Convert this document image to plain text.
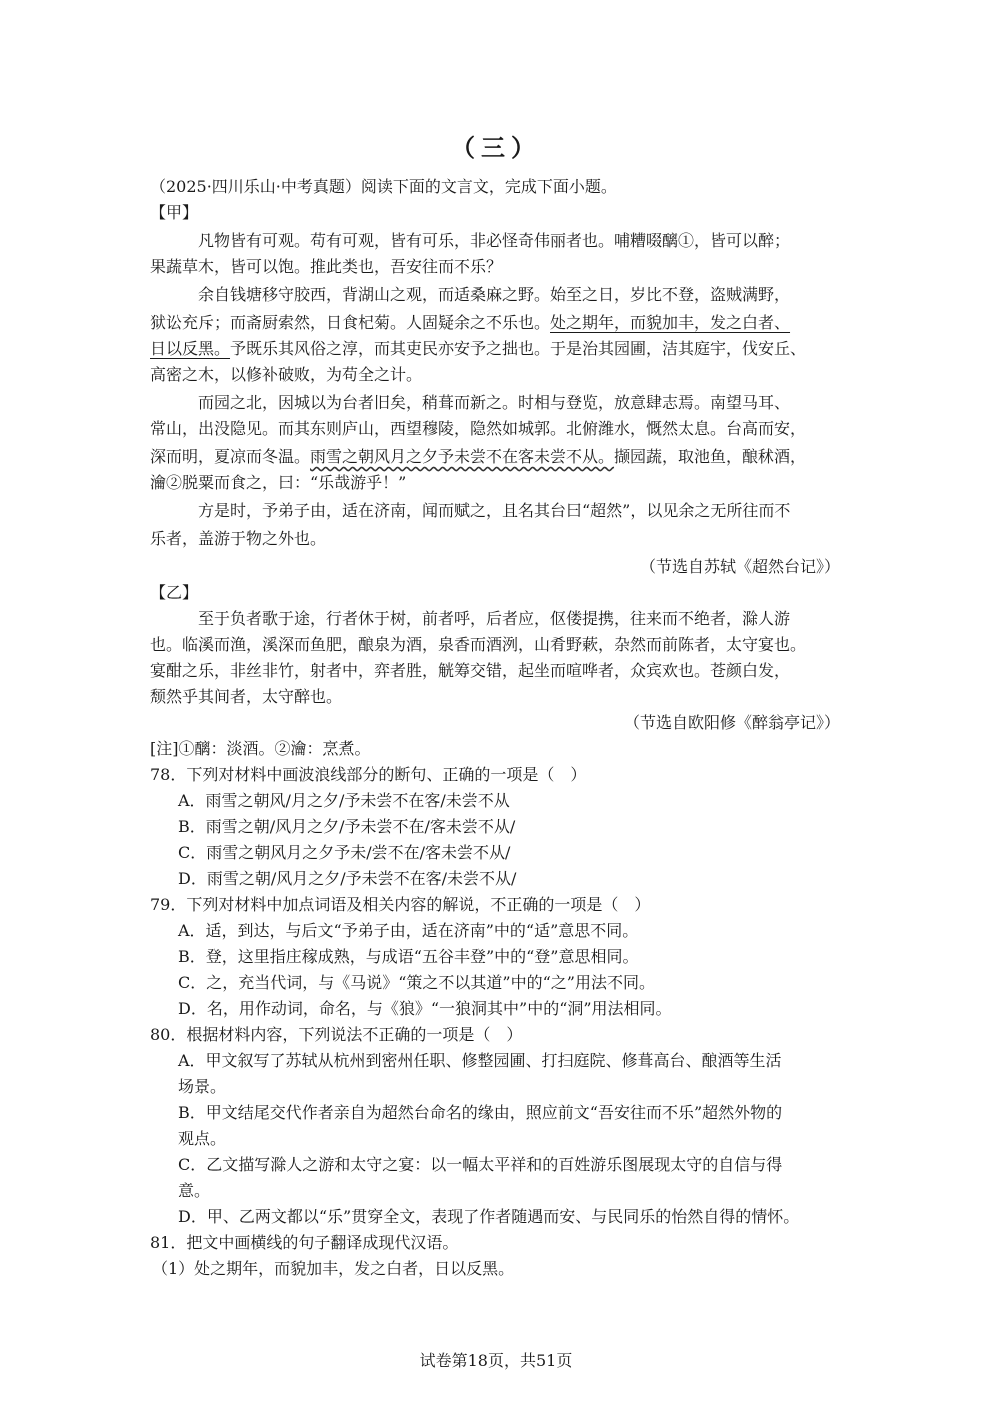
（三）
（2025·四川乐山·中考真题）阅读下面的文言文，完成下面小题。
【甲】
凡物皆有可观。苟有可观，皆有可乐，非必怪奇伟丽者也。哺糟啜醨①，皆可以醉；
果蔬草木，皆可以饱。推此类也，吾安往而不乐？
余自钱塘移守胶西，背湖山之观，而适桑麻之野。始至之日，岁比不登，盗贼满野，
狱讼充斥；而斋厨索然，日食杞菊。人固疑余之不乐也。处之期年，而貌加丰，发之白者、
日以反黑。予既乐其风俗之淳，而其吏民亦安予之拙也。于是治其园圃，洁其庭宇，伐安丘、
高密之木，以修补破败，为苟全之计。
而园之北，因城以为台者旧矣，稍葺而新之。时相与登览，放意肆志焉。南望马耳、
常山，出没隐见。而其东则庐山，西望穆陵，隐然如城郭。北俯潍水，慨然太息。台高而安，
深而明，夏凉而冬温。雨雪之朝风月之夕予未尝不在客未尝不从。撷园蔬，取池鱼，酿秫酒，
瀹②脱粟而食之，曰：“乐哉游乎！”
方是时，予弟子由，适在济南，闻而赋之，且名其台曰“超然”，以见余之无所往而不
乐者，盖游于物之外也。
（节选自苏轼《超然台记》）
【乙】
至于负者歌于途，行者休于树，前者呼，后者应，伛偻提携，往来而不绝者，滁人游
也。临溪而渔，溪深而鱼肥，酿泉为酒，泉香而酒洌，山肴野蔌，杂然而前陈者，太守宴也。
宴酣之乐，非丝非竹，射者中，弈者胜，觥筹交错，起坐而喧哗者，众宾欢也。苍颜白发，
颓然乎其间者，太守醉也。
（节选自欧阳修《醉翁亭记》）
[注]①醨：淡酒。②瀹：烹煮。
78．下列对材料中画波浪线部分的断句、正确的一项是（　）
A．雨雪之朝风/月之夕/予未尝不在客/未尝不从
B．雨雪之朝/风月之夕/予未尝不在/客未尝不从/
C．雨雪之朝风月之夕予未/尝不在/客未尝不从/
D．雨雪之朝/风月之夕/予未尝不在客/未尝不从/
79．下列对材料中加点词语及相关内容的解说，不正确的一项是（　）
A．适，到达，与后文“予弟子由，适在济南”中的“适”意思不同。
B．登，这里指庄稼成熟，与成语“五谷丰登”中的“登”意思相同。
C．之，充当代词，与《马说》“策之不以其道”中的“之”用法不同。
D．名，用作动词，命名，与《狼》“一狼洞其中”中的“洞”用法相同。
80．根据材料内容，下列说法不正确的一项是（　）
A．甲文叙写了苏轼从杭州到密州任职、修整园圃、打扫庭院、修葺高台、酿酒等生活
场景。
B．甲文结尾交代作者亲自为超然台命名的缘由，照应前文“吾安往而不乐”超然外物的
观点。
C．乙文描写滁人之游和太守之宴：以一幅太平祥和的百姓游乐图展现太守的自信与得
意。
D．甲、乙两文都以“乐”贯穿全文，表现了作者随遇而安、与民同乐的怡然自得的情怀。
81．把文中画横线的句子翻译成现代汉语。
（1）处之期年，而貌加丰，发之白者，日以反黑。
试卷第18页，共51页
